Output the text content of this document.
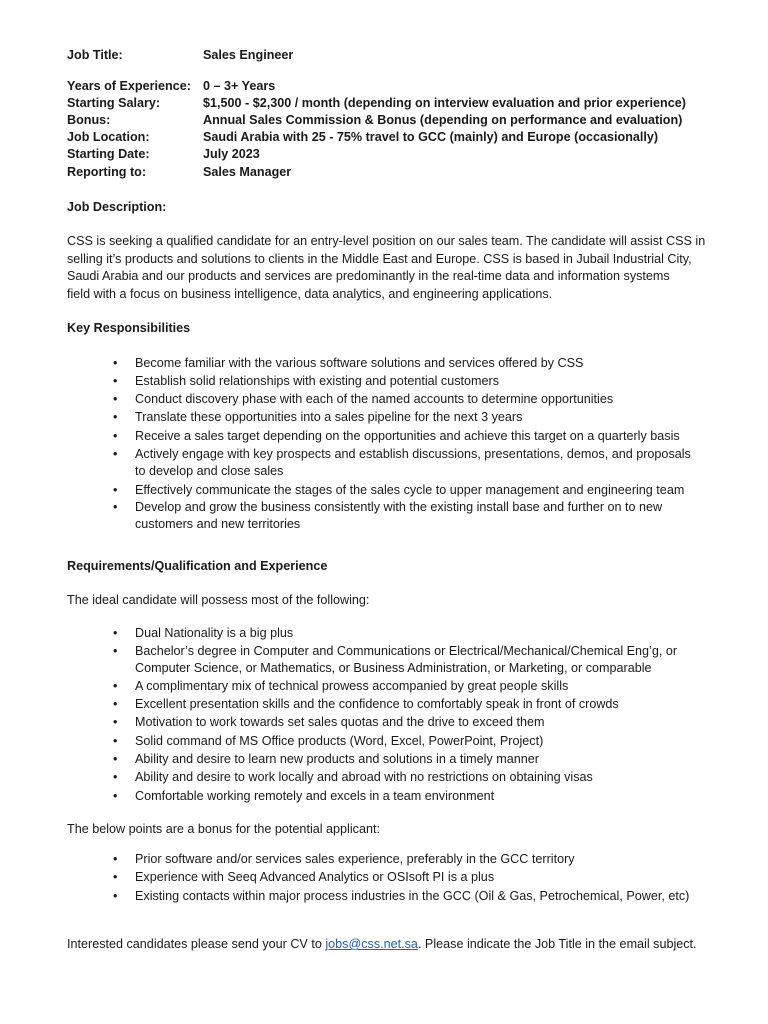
Job Title:	Sales Engineer
Years of Experience: 0 – 3+ Years
Starting Salary:	$1,500 - $2,300 / month (depending on interview evaluation and prior experience)
Bonus:	Annual Sales Commission & Bonus (depending on performance and evaluation)
Job Location:	Saudi Arabia with 25 - 75% travel to GCC (mainly) and Europe (occasionally)
Starting Date:	July 2023
Reporting to:	Sales Manager
Job Description:
CSS is seeking a qualified candidate for an entry-level position on our sales team. The candidate will assist CSS in
selling it’s products and solutions to clients in the Middle East and Europe. CSS is based in Jubail Industrial City,
Saudi Arabia and our products and services are predominantly in the real-time data and information systems
field with a focus on business intelligence, data analytics, and engineering applications.
Key Responsibilities
• Become familiar with the various software solutions and services offered by CSS
• Establish solid relationships with existing and potential customers
• Conduct discovery phase with each of the named accounts to determine opportunities
• Translate these opportunities into a sales pipeline for the next 3 years
• Receive a sales target depending on the opportunities and achieve this target on a quarterly basis
• Actively engage with key prospects and establish discussions, presentations, demos, and proposals
to develop and close sales
• Effectively communicate the stages of the sales cycle to upper management and engineering team
• Develop and grow the business consistently with the existing install base and further on to new
customers and new territories
Requirements/Qualification and Experience
The ideal candidate will possess most of the following:
• Dual Nationality is a big plus
• Bachelor’s degree in Computer and Communications or Electrical/Mechanical/Chemical Eng’g, or
Computer Science, or Mathematics, or Business Administration, or Marketing, or comparable
• A complimentary mix of technical prowess accompanied by great people skills
• Excellent presentation skills and the confidence to comfortably speak in front of crowds
• Motivation to work towards set sales quotas and the drive to exceed them
• Solid command of MS Office products (Word, Excel, PowerPoint, Project)
• Ability and desire to learn new products and solutions in a timely manner
• Ability and desire to work locally and abroad with no restrictions on obtaining visas
• Comfortable working remotely and excels in a team environment
The below points are a bonus for the potential applicant:
• Prior software and/or services sales experience, preferably in the GCC territory
• Experience with Seeq Advanced Analytics or OSIsoft PI is a plus
• Existing contacts within major process industries in the GCC (Oil & Gas, Petrochemical, Power, etc)
Interested candidates please send your CV to jobs@css.net.sa. Please indicate the Job Title in the email subject.
